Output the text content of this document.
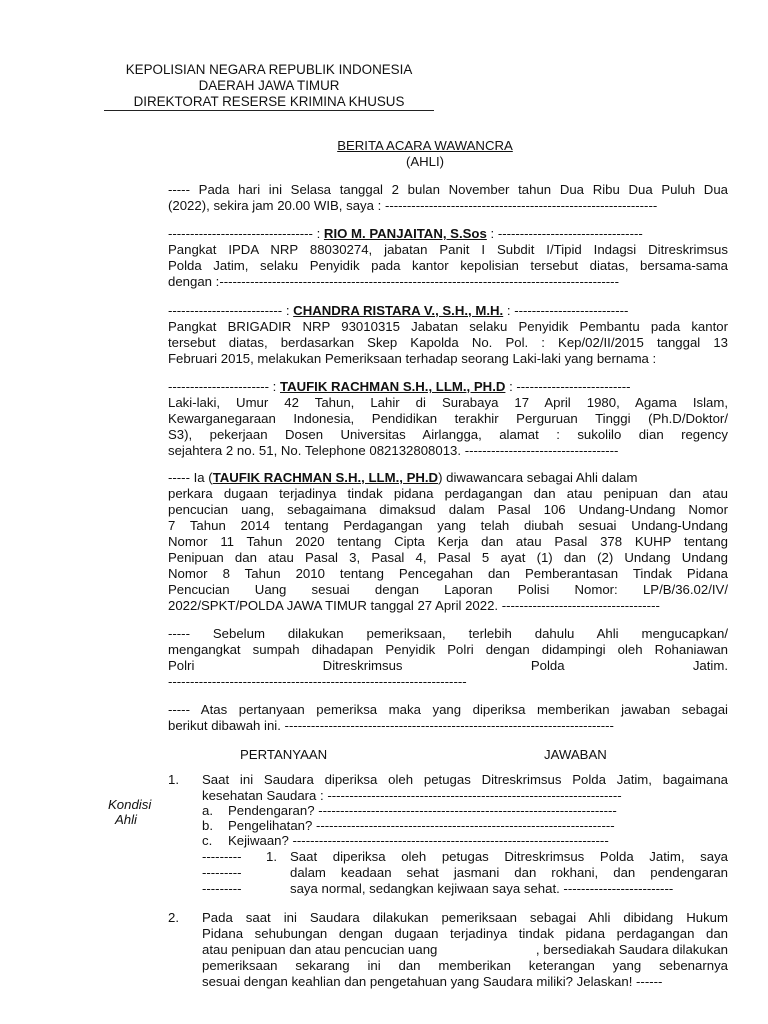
KEPOLISIAN NEGARA REPUBLIK INDONESIA
DAERAH JAWA TIMUR
DIREKTORAT RESERSE KRIMINA KHUSUS
BERITA ACARA WAWANCRA
(AHLI)
----- Pada hari ini Selasa tanggal 2 bulan November tahun Dua Ribu Dua Puluh Dua
(2022), sekira jam 20.00 WIB, saya : --------------------------------------------------------------
--------------------------------- : RIO M. PANJAITAN, S.Sos : ---------------------------------
Pangkat IPDA NRP 88030274, jabatan Panit I Subdit I/Tipid Indagsi Ditreskrimsus
Polda Jatim, selaku Penyidik pada kantor kepolisian tersebut diatas, bersama-sama
dengan :-------------------------------------------------------------------------------------------
-------------------------- : CHANDRA RISTARA V., S.H., M.H. : --------------------------
Pangkat BRIGADIR NRP 93010315 Jabatan selaku Penyidik Pembantu pada kantor
tersebut diatas, berdasarkan Skep Kapolda No. Pol. : Kep/02/II/2015 tanggal 13
Februari 2015, melakukan Pemeriksaan terhadap seorang Laki-laki yang bernama :
----------------------- : TAUFIK RACHMAN S.H., LLM., PH.D : --------------------------
Laki-laki, Umur 42 Tahun, Lahir di Surabaya 17 April 1980, Agama Islam,
Kewarganegaraan Indonesia, Pendidikan terakhir Perguruan Tinggi (Ph.D/Doktor/
S3), pekerjaan Dosen Universitas Airlangga, alamat : sukolilo dian regency
sejahtera 2 no. 51, No. Telephone 082132808013. -----------------------------------
----- Ia (TAUFIK RACHMAN S.H., LLM., PH.D) diwawancara sebagai Ahli dalam
perkara dugaan terjadinya tindak pidana perdagangan dan atau penipuan dan atau
pencucian uang, sebagaimana dimaksud dalam Pasal 106 Undang-Undang Nomor
7 Tahun 2014 tentang Perdagangan yang telah diubah sesuai Undang-Undang
Nomor 11 Tahun 2020 tentang Cipta Kerja dan atau Pasal 378 KUHP tentang
Penipuan dan atau Pasal 3, Pasal 4, Pasal 5 ayat (1) dan (2) Undang Undang
Nomor 8 Tahun 2010 tentang Pencegahan dan Pemberantasan Tindak Pidana
Pencucian Uang sesuai dengan Laporan Polisi Nomor: LP/B/36.02/IV/
2022/SPKT/POLDA JAWA TIMUR tanggal 27 April 2022. ------------------------------------
----- Sebelum dilakukan pemeriksaan, terlebih dahulu Ahli mengucapkan/
mengangkat sumpah dihadapan Penyidik Polri dengan didampingi oleh Rohaniawan
Polri	Ditreskrimsus	Polda	Jatim.
--------------------------------------------------------------------
----- Atas pertanyaan pemeriksa maka yang diperiksa memberikan jawaban sebagai
berikut dibawah ini. ---------------------------------------------------------------------------
PERTANYAAN	JAWABAN
Kondisi
Ahli
1. Saat ini Saudara diperiksa oleh petugas Ditreskrimsus Polda Jatim, bagaimana
kesehatan Saudara : -------------------------------------------------------------------
a. Pendengaran? --------------------------------------------------------------------
b. Pengelihatan? --------------------------------------------------------------------
c. Kejiwaan? ------------------------------------------------------------------------
---------
---------
---------
1. Saat diperiksa oleh petugas Ditreskrimsus Polda Jatim, saya
dalam keadaan sehat jasmani dan rokhani, dan pendengaran
saya normal, sedangkan kejiwaan saya sehat. -------------------------
2. Pada saat ini Saudara dilakukan pemeriksaan sebagai Ahli dibidang Hukum
Pidana sehubungan dengan dugaan terjadinya tindak pidana perdagangan dan
atau penipuan dan atau pencucian uang	, bersediakah Saudara dilakukan
pemeriksaan sekarang ini dan memberikan keterangan yang sebenarnya
sesuai dengan keahlian dan pengetahuan yang Saudara miliki? Jelaskan! ------
